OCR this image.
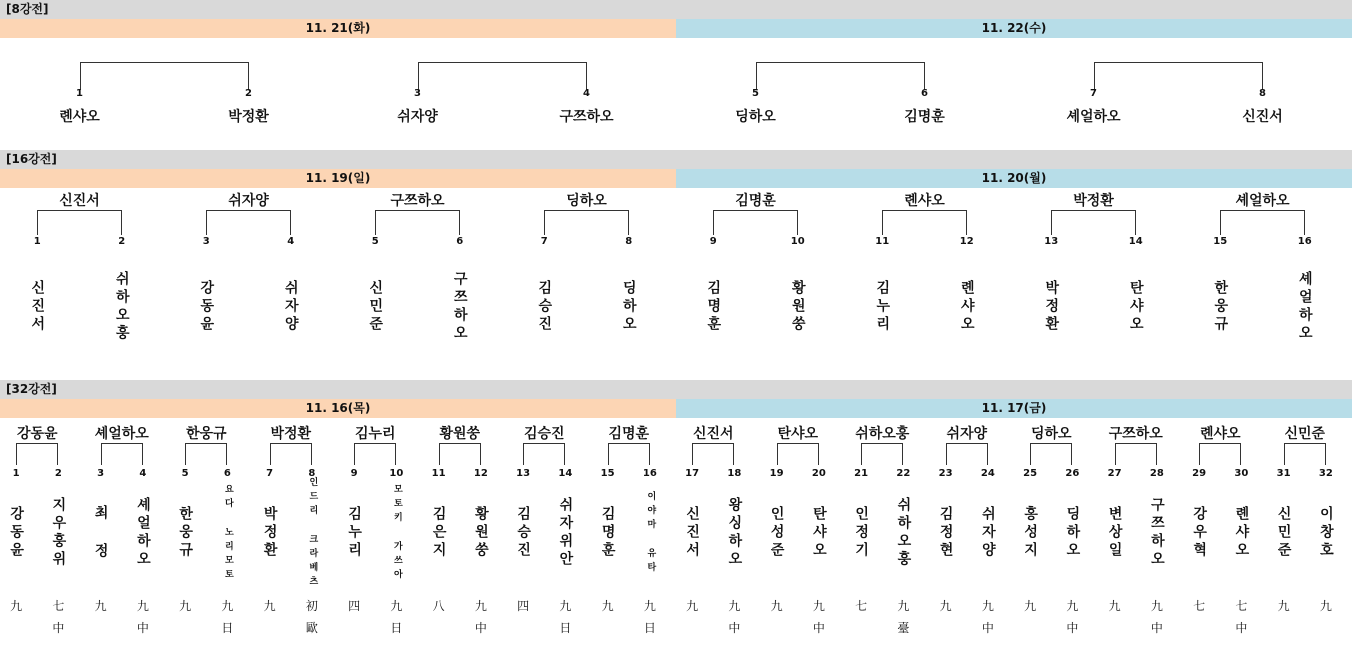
[8강전]
11. 21(화)	11. 22(수)
1
롄샤오
2
박정환
3
쉬자양
4
구쯔하오
5
딩하오
6
김명훈
7
셰얼하오
8
신진서
[16강전]
11. 19(일)	11. 20(월)
신진서	쉬자양	구쯔하오	딩하오	김명훈	롄샤오	박정환	셰얼하오
1
신진서
2
쉬하오훙
3
강동윤
4
쉬자양
5
신민준
6
구쯔하오
7
김승진
8
딩하오
9
김명훈
10
황원쑹
11
김누리
12
롄샤오
13
박정환
14
탄샤오
15
한웅규
16
셰얼하오
[32강전]
11. 16(목)	11. 17(금)
강동윤	셰얼하오	한웅규	박정환	김누리	황원쑹	김승진	김명훈	신진서	탄샤오	쉬하오훙	쉬자양	딩하오	구쯔하오	롄샤오	신민준
1
강동윤
九
2
지우훙위
七
中
3
최 정
九
4
셰얼하오
九
中
5
한웅규
九
6
요다 노리모토
九
日
7
박정환
九
8
인드리 크라베츠
初
歐
9
김누리
四
10
모토키 가쓰아
九
日
11
김은지
八
12
황원쑹
九
中
13
김승진
四
14
쉬자위안
九
日
15
김명훈
九
16
이야마 유타
九
日
17
신진서
九
18
왕싱하오
九
中
19
인성준
九
20
탄샤오
九
中
21
인정기
七
22
쉬하오훙
九
臺
23
김정현
九
24
쉬자양
九
中
25
홍성지
九
26
딩하오
九
中
27
변상일
九
28
구쯔하오
九
中
29
강우혁
七
30
롄샤오
七
中
31
신민준
九
32
이창호
九
